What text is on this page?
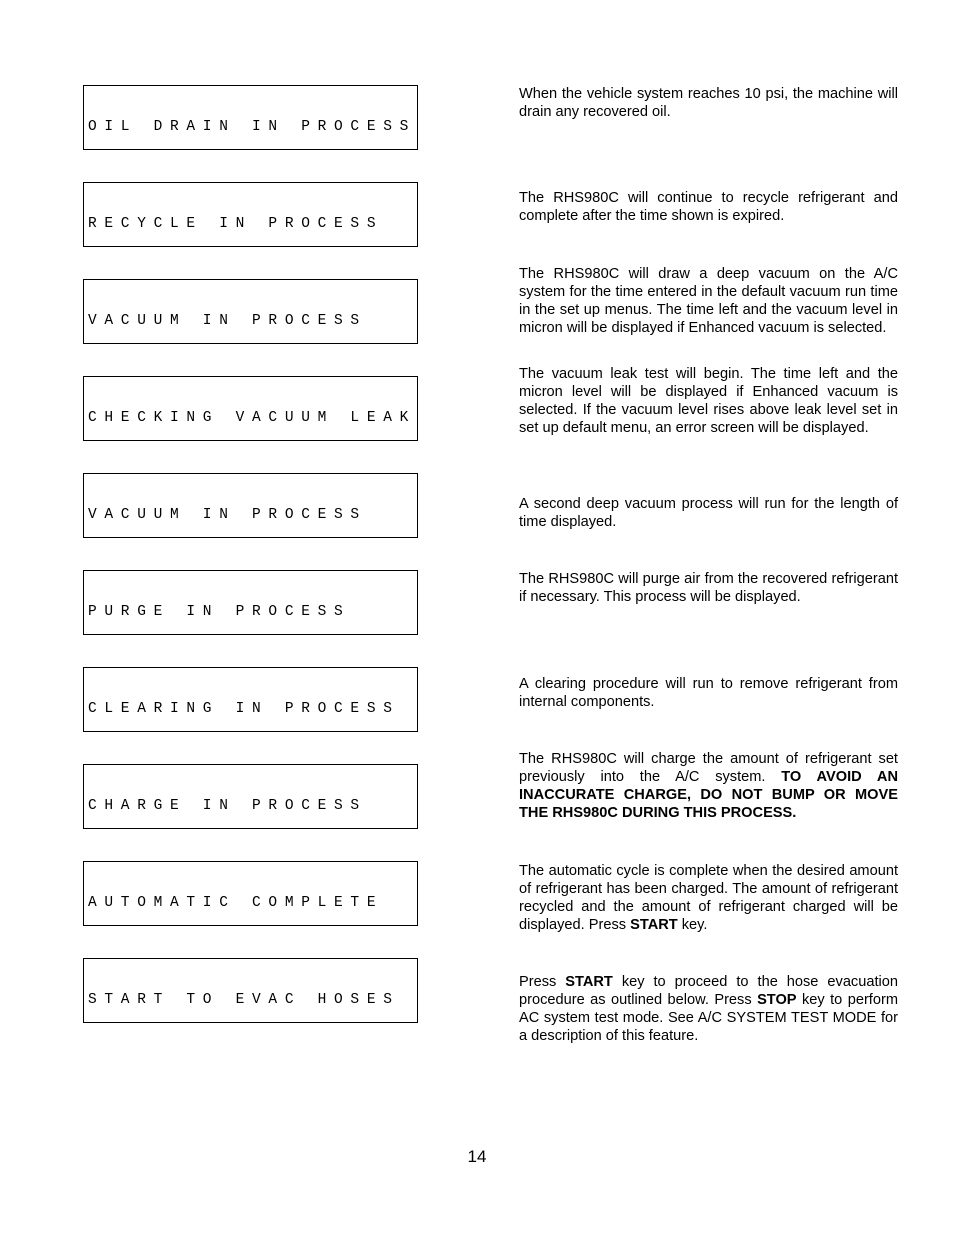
OIL DRAIN IN PROCESS

When the vehicle system reaches 10 psi, the machine will drain any recovered oil.

RECYCLE IN PROCESS

The RHS980C will continue to recycle refrigerant and complete after the time shown is expired.

VACUUM IN PROCESS

The RHS980C will draw a deep vacuum on the A/C system for the time entered in the default vacuum run time in the set up menus. The time left and the vacuum level in micron will be displayed if Enhanced vacuum is selected.

CHECKING VACUUM LEAK

The vacuum leak test will begin. The time left and the micron level will be displayed if Enhanced vacuum is selected. If the vacuum level rises above leak level set in set up default menu, an error screen will be displayed.

VACUUM IN PROCESS

A second deep vacuum process will run for the length of time displayed.

PURGE IN PROCESS

The RHS980C will purge air from the recovered refrigerant if necessary. This process will be displayed.

CLEARING IN PROCESS

A clearing procedure will run to remove refrigerant from internal components.

CHARGE IN PROCESS

The RHS980C will charge the amount of refrigerant set previously into the A/C system. TO AVOID AN INACCURATE CHARGE, DO NOT BUMP OR MOVE THE RHS980C DURING THIS PROCESS.

AUTOMATIC COMPLETE

The automatic cycle is complete when the desired amount of refrigerant has been charged. The amount of refrigerant recycled and the amount of refrigerant charged will be displayed. Press START key.

START TO EVAC HOSES

Press START key to proceed to the hose evacuation procedure as outlined below. Press STOP key to perform AC system test mode. See A/C SYSTEM TEST MODE for a description of this feature.
14
